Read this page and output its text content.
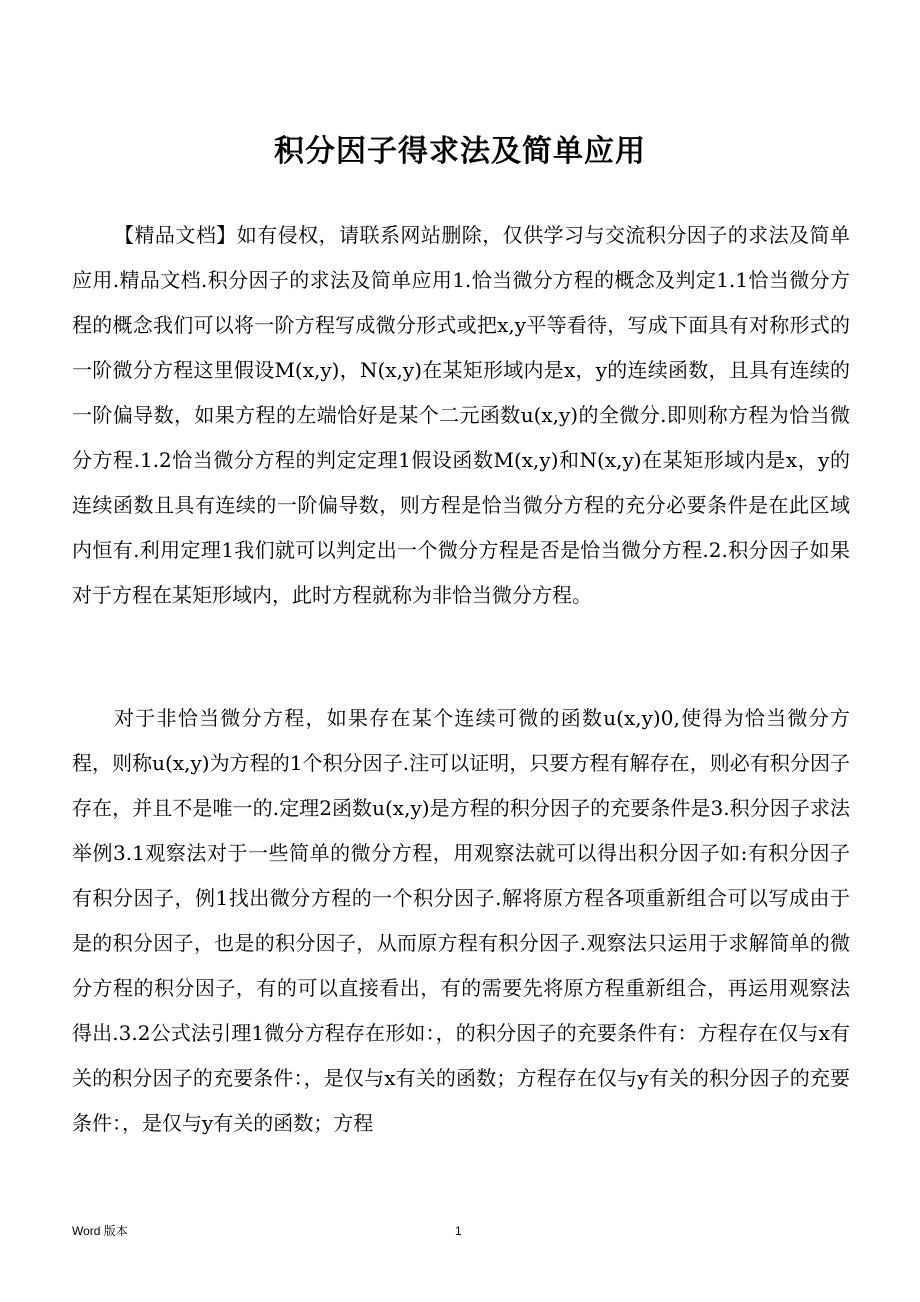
积分因子得求法及简单应用

【精品文档】如有侵权，请联系网站删除，仅供学习与交流积分因子的求法及简单应用.精品文档.积分因子的求法及简单应用1.恰当微分方程的概念及判定1.1恰当微分方程的概念我们可以将一阶方程写成微分形式或把x,y平等看待，写成下面具有对称形式的一阶微分方程这里假设M(x,y)，N(x,y)在某矩形域内是x，y的连续函数，且具有连续的一阶偏导数，如果方程的左端恰好是某个二元函数u(x,y)的全微分.即则称方程为恰当微分方程.1.2恰当微分方程的判定定理1假设函数M(x,y)和N(x,y)在某矩形域内是x，y的连续函数且具有连续的一阶偏导数，则方程是恰当微分方程的充分必要条件是在此区域内恒有.利用定理1我们就可以判定出一个微分方程是否是恰当微分方程.2.积分因子如果对于方程在某矩形域内，此时方程就称为非恰当微分方程。

对于非恰当微分方程，如果存在某个连续可微的函数u(x,y)0,使得为恰当微分方程，则称u(x,y)为方程的1个积分因子.注可以证明，只要方程有解存在，则必有积分因子存在，并且不是唯一的.定理2函数u(x,y)是方程的积分因子的充要条件是3.积分因子求法举例3.1观察法对于一些简单的微分方程，用观察法就可以得出积分因子如:有积分因子有积分因子，例1找出微分方程的一个积分因子.解将原方程各项重新组合可以写成由于是的积分因子，也是的积分因子，从而原方程有积分因子.观察法只运用于求解简单的微分方程的积分因子，有的可以直接看出，有的需要先将原方程重新组合，再运用观察法得出.3.2公式法引理1微分方程存在形如：，的积分因子的充要条件有：方程存在仅与x有关的积分因子的充要条件：，是仅与x有关的函数；方程存在仅与y有关的积分因子的充要条件：，是仅与y有关的函数；方程

Word 版本	1
